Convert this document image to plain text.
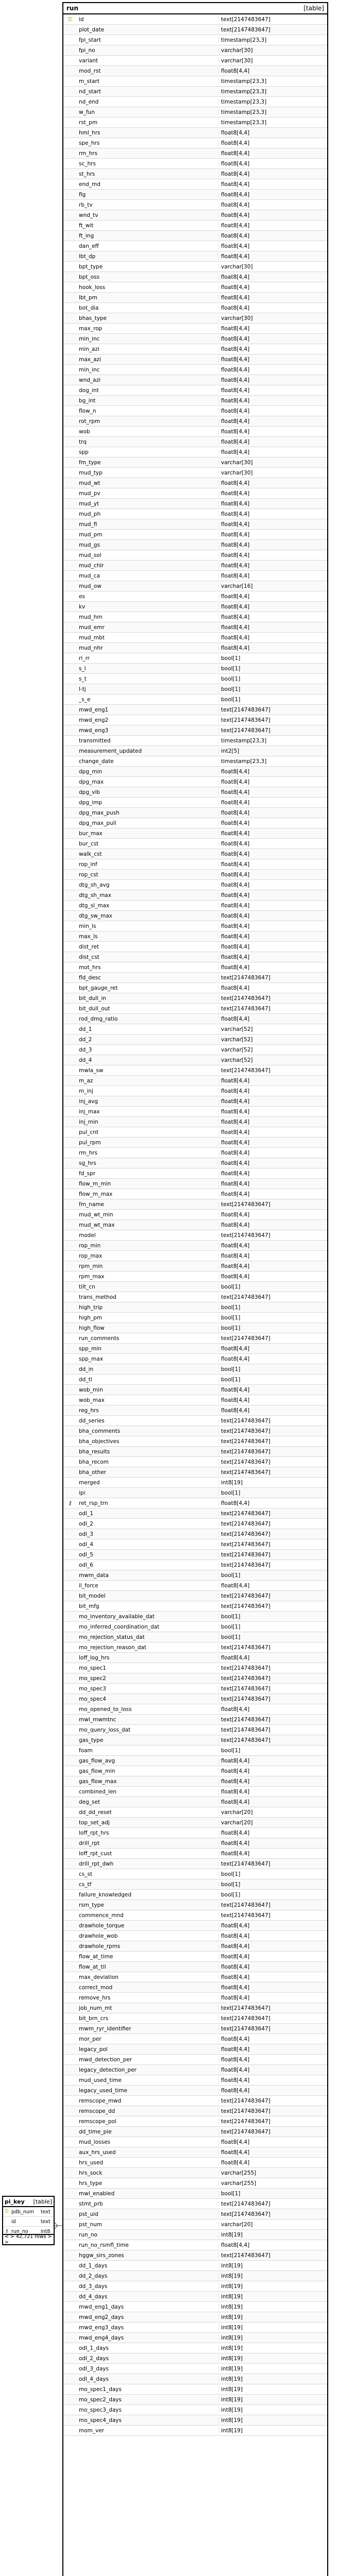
run	[table]
⚿	id	text[2147483647]
plot_date	text[2147483647]
fpi_start	timestamp[23,3]
fpi_no	varchar[30]
variant	varchar[30]
mod_rst	float8[4,4]
m_start	timestamp[23,3]
nd_start	timestamp[23,3]
nd_end	timestamp[23,3]
w_fun	timestamp[23,3]
rst_pm	timestamp[23,3]
hml_hrs	float8[4,4]
spe_hrs	float8[4,4]
rm_hrs	float8[4,4]
sc_hrs	float8[4,4]
st_hrs	float8[4,4]
end_md	float8[4,4]
flg	float8[4,4]
rb_tv	float8[4,4]
wnd_tv	float8[4,4]
ft_wit	float8[4,4]
ft_ing	float8[4,4]
dan_eff	float8[4,4]
lbt_dp	float8[4,4]
bpt_type	varchar[30]
bpt_oss	float8[4,4]
hook_loss	float8[4,4]
lbt_pm	float8[4,4]
bot_dia	float8[4,4]
bhas_type	varchar[30]
max_rop	float8[4,4]
min_inc	float8[4,4]
min_azi	float8[4,4]
max_azi	float8[4,4]
min_inc	float8[4,4]
wnd_azi	float8[4,4]
dog_int	float8[4,4]
bg_int	float8[4,4]
flow_n	float8[4,4]
rot_rpm	float8[4,4]
wob	float8[4,4]
trq	float8[4,4]
spp	float8[4,4]
fm_type	varchar[30]
mud_typ	varchar[30]
mud_wt	float8[4,4]
mud_pv	float8[4,4]
mud_yt	float8[4,4]
mud_ph	float8[4,4]
mud_fl	float8[4,4]
mud_pm	float8[4,4]
mud_gs	float8[4,4]
mud_sol	float8[4,4]
mud_chlr	float8[4,4]
mud_ca	float8[4,4]
mud_ow	varchar[16]
es	float8[4,4]
kv	float8[4,4]
mud_hm	float8[4,4]
mud_emr	float8[4,4]
mud_mbt	float8[4,4]
mud_nhr	float8[4,4]
rl_rr	bool[1]
s_l	bool[1]
s_t	bool[1]
l-tj	bool[1]
_s_e	bool[1]
mwd_eng1	text[2147483647]
mwd_eng2	text[2147483647]
mwd_eng3	text[2147483647]
transmitted	timestamp[23,3]
measurement_updated	int2[5]
change_date	timestamp[23,3]
dpg_min	float8[4,4]
dpg_max	float8[4,4]
dpg_vib	float8[4,4]
dpg_imp	float8[4,4]
dpg_max_push	float8[4,4]
dpg_max_pull	float8[4,4]
bur_max	float8[4,4]
bur_cst	float8[4,4]
walk_cst	float8[4,4]
rop_inf	float8[4,4]
rop_cst	float8[4,4]
dtg_sh_avg	float8[4,4]
dtg_sh_max	float8[4,4]
dtg_sl_max	float8[4,4]
dtg_sw_max	float8[4,4]
min_ls	float8[4,4]
max_ls	float8[4,4]
dist_ret	float8[4,4]
dist_cst	float8[4,4]
mot_hrs	float8[4,4]
fld_desc	text[2147483647]
bpt_gauge_ret	float8[4,4]
bit_dull_in	text[2147483647]
bit_dull_out	text[2147483647]
rod_dmg_ratio	float8[4,4]
dd_1	varchar[52]
dd_2	varchar[52]
dd_3	varchar[52]
dd_4	varchar[52]
mwla_sw	text[2147483647]
m_az	float8[4,4]
m_inj	float8[4,4]
inj_avg	float8[4,4]
inj_max	float8[4,4]
inj_min	float8[4,4]
pul_cnt	float8[4,4]
pul_rpm	float8[4,4]
rm_hrs	float8[4,4]
sg_hrs	float8[4,4]
fd_spr	float8[4,4]
flow_m_min	float8[4,4]
flow_m_max	float8[4,4]
fm_name	text[2147483647]
mud_wt_min	float8[4,4]
mud_wt_max	float8[4,4]
model	text[2147483647]
rop_min	float8[4,4]
rop_max	float8[4,4]
rpm_min	float8[4,4]
rpm_max	float8[4,4]
tilt_cn	bool[1]
trans_method	text[2147483647]
high_trip	bool[1]
high_pm	bool[1]
high_flow	bool[1]
run_comments	text[2147483647]
spp_min	float8[4,4]
spp_max	float8[4,4]
dd_in	bool[1]
dd_tl	bool[1]
wob_min	float8[4,4]
wob_max	float8[4,4]
reg_hrs	float8[4,4]
dd_series	text[2147483647]
bha_comments	text[2147483647]
bha_objectives	text[2147483647]
bha_results	text[2147483647]
bha_recom	text[2147483647]
bha_other	text[2147483647]
merged	int8[19]
ipi	bool[1]
⚷	ret_rsp_trn	float8[4,4]
odl_1	text[2147483647]
odl_2	text[2147483647]
odl_3	text[2147483647]
odl_4	text[2147483647]
odl_5	text[2147483647]
odl_6	text[2147483647]
mwm_data	bool[1]
il_force	float8[4,4]
bit_model	text[2147483647]
bit_mfg	text[2147483647]
mo_inventory_available_dat	bool[1]
mo_inferred_coordination_dat	bool[1]
mo_rejection_status_dat	bool[1]
mo_rejection_reason_dat	text[2147483647]
loff_log_hrs	float8[4,4]
mo_spec1	text[2147483647]
mo_spec2	text[2147483647]
mo_spec3	text[2147483647]
mo_spec4	text[2147483647]
mo_opened_to_loss	float8[4,4]
mwl_mwmtnc	text[2147483647]
mo_query_loss_dat	text[2147483647]
gas_type	text[2147483647]
foam	bool[1]
gas_flow_avg	float8[4,4]
gas_flow_min	float8[4,4]
gas_flow_max	float8[4,4]
combined_len	float8[4,4]
deg_set	float8[4,4]
dd_dd_reset	varchar[20]
top_set_adj	varchar[20]
loff_rpt_hrs	float8[4,4]
drill_rpt	float8[4,4]
loff_rpt_cust	float8[4,4]
drill_rpt_dwh	text[2147483647]
cs_st	bool[1]
cs_tf	bool[1]
failure_knowledged	bool[1]
rsm_type	text[2147483647]
commence_mnd	text[2147483647]
drawhole_torque	float8[4,4]
drawhole_wob	float8[4,4]
drawhole_rpms	float8[4,4]
flow_at_time	float8[4,4]
flow_at_til	float8[4,4]
max_deviation	float8[4,4]
correct_mod	float8[4,4]
remove_hrs	float8[4,4]
job_num_mt	text[2147483647]
bit_brn_crs	text[2147483647]
mwm_ryr_identifier	text[2147483647]
mor_per	float8[4,4]
legacy_pol	float8[4,4]
mwd_detection_per	float8[4,4]
legacy_detection_per	float8[4,4]
mud_used_time	float8[4,4]
legacy_used_time	float8[4,4]
remscope_mwd	text[2147483647]
remscope_dd	text[2147483647]
remscope_pol	text[2147483647]
dd_time_pie	text[2147483647]
mud_losses	float8[4,4]
aux_hrs_used	float8[4,4]
hrs_used	float8[4,4]
hrs_sock	varchar[255]
hrs_type	varchar[255]
mwl_enabled	bool[1]
stmt_prb	text[2147483647]
pst_uid	text[2147483647]
pst_num	varchar[20]
run_no	int8[19]
run_no_rsmfl_time	float8[4,4]
hggw_sirs_zones	text[2147483647]
dd_1_days	int8[19]
dd_2_days	int8[19]
dd_3_days	int8[19]
dd_4_days	int8[19]
mwd_eng1_days	int8[19]
mwd_eng2_days	int8[19]
mwd_eng3_days	int8[19]
mwd_eng4_days	int8[19]
odl_1_days	int8[19]
odl_2_days	int8[19]
odl_3_days	int8[19]
odl_4_days	int8[19]
mo_spec1_days	int8[19]
mo_spec2_days	int8[19]
mo_spec3_days	int8[19]
mo_spec4_days	int8[19]
mom_ver	int8[19]
pi_key [table]
⚿ pdb_num	text
id	text
⚷ run_no	int8
< > 42,721 rows > >
